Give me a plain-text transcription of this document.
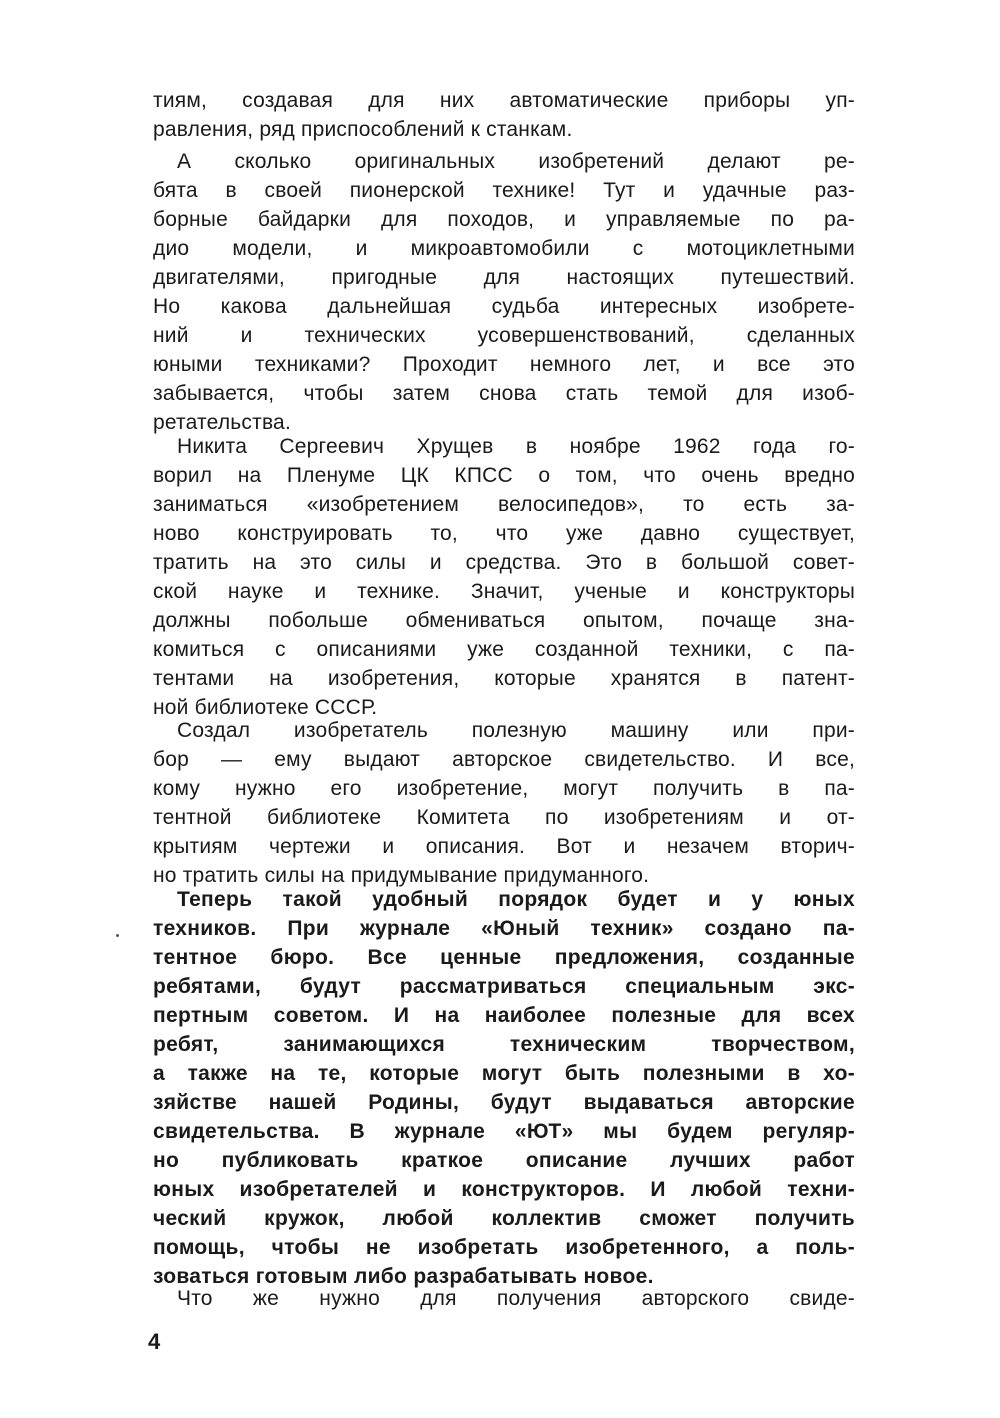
тиям, создавая для них автоматические приборы уп-
равления, ряд приспособлений к станкам.
А сколько оригинальных изобретений делают ре-
бята в своей пионерской технике! Тут и удачные раз-
борные байдарки для походов, и управляемые по ра-
дио модели, и микроавтомобили с мотоциклетными
двигателями, пригодные для настоящих путешествий.
Но какова дальнейшая судьба интересных изобрете-
ний и технических усовершенствований, сделанных
юными техниками? Проходит немного лет, и все это
забывается, чтобы затем снова стать темой для изоб-
ретательства.
Никита Сергеевич Хрущев в ноябре 1962 года го-
ворил на Пленуме ЦК КПСС о том, что очень вредно
заниматься «изобретением велосипедов», то есть за-
ново конструировать то, что уже давно существует,
тратить на это силы и средства. Это в большой совет-
ской науке и технике. Значит, ученые и конструкторы
должны побольше обмениваться опытом, почаще зна-
комиться с описаниями уже созданной техники, с па-
тентами на изобретения, которые хранятся в патент-
ной библиотеке СССР.
Создал изобретатель полезную машину или при-
бор — ему выдают авторское свидетельство. И все,
кому нужно его изобретение, могут получить в па-
тентной библиотеке Комитета по изобретениям и от-
крытиям чертежи и описания. Вот и незачем вторич-
но тратить силы на придумывание придуманного.
Теперь такой удобный порядок будет и у юных
техников. При журнале «Юный техник» создано па-
тентное бюро. Все ценные предложения, созданные
ребятами, будут рассматриваться специальным экс-
пертным советом. И на наиболее полезные для всех
ребят, занимающихся техническим творчеством,
а также на те, которые могут быть полезными в хо-
зяйстве нашей Родины, будут выдаваться авторские
свидетельства. В журнале «ЮТ» мы будем регуляр-
но публиковать краткое описание лучших работ
юных изобретателей и конструкторов. И любой техни-
ческий кружок, любой коллектив сможет получить
помощь, чтобы не изобретать изобретенного, а поль-
зоваться готовым либо разрабатывать новое.
Что же нужно для получения авторского свиде-
4
